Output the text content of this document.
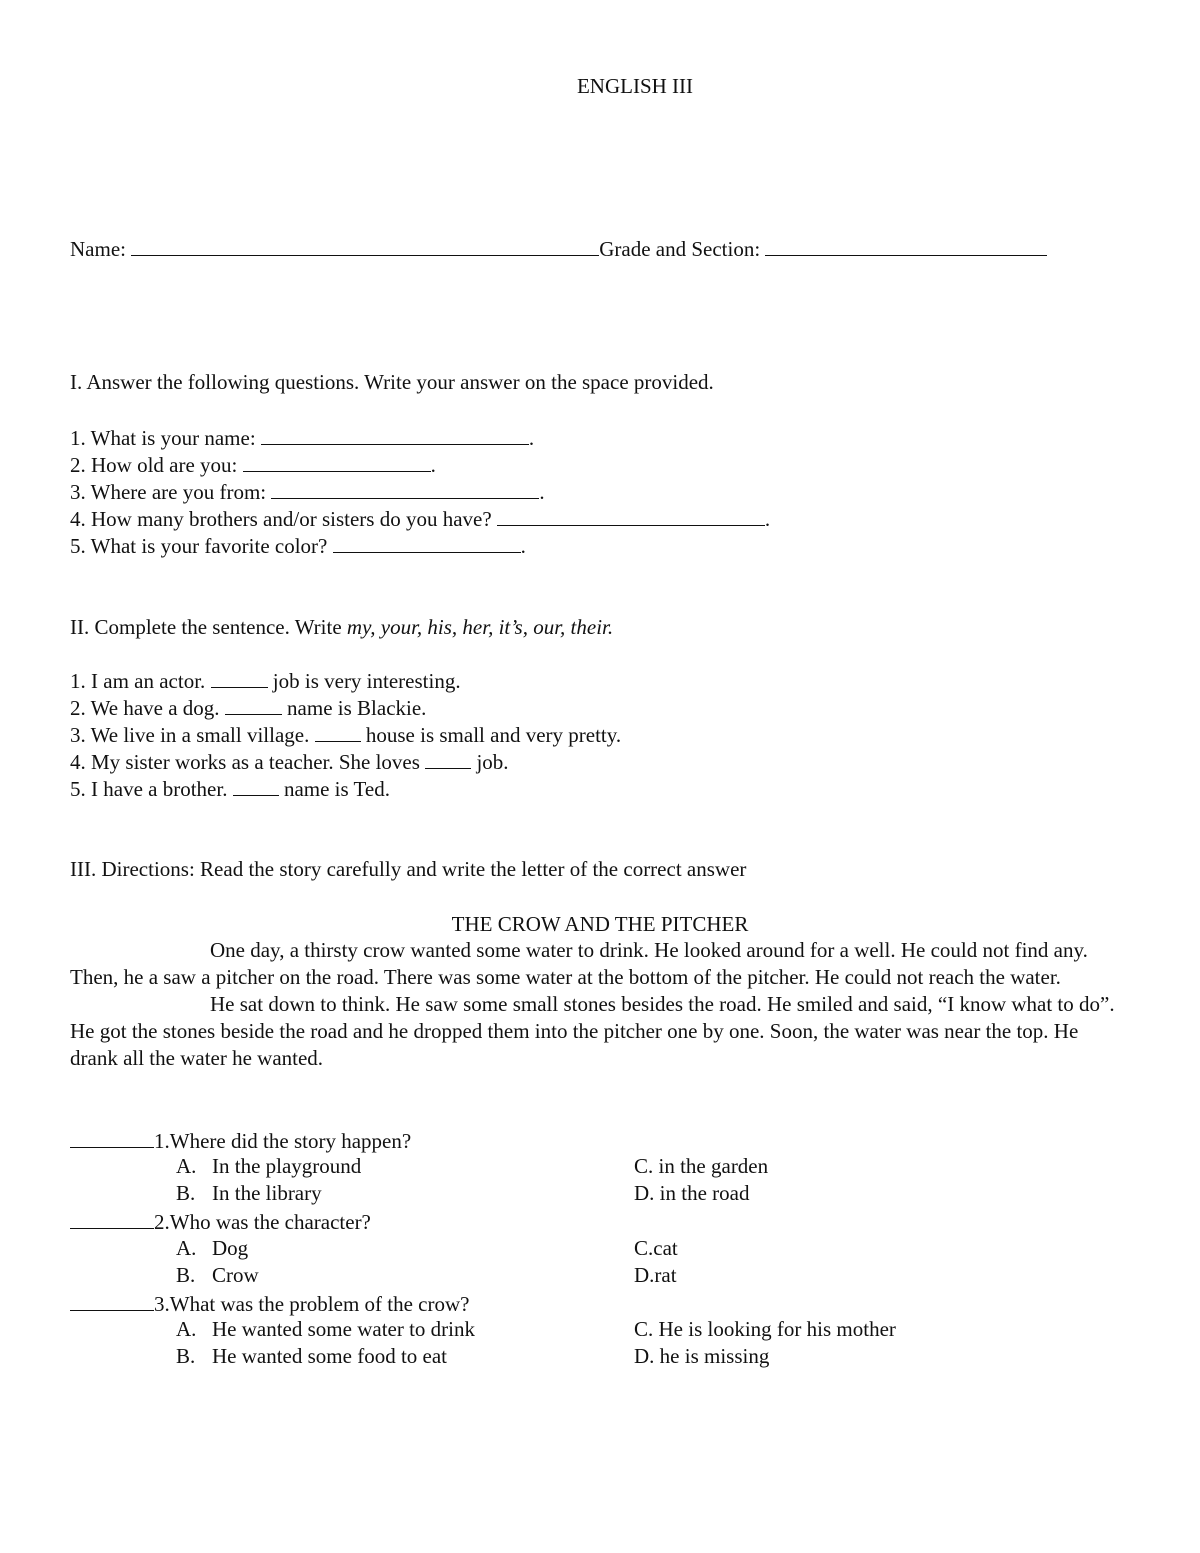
ENGLISH III
Name:	Grade and Section:
I. Answer the following questions. Write your answer on the space provided.
1. What is your name:	.
2. How old are you:	.
3. Where are you from:	.
4. How many brothers and/or sisters do you have?	.
5. What is your favorite color?	.
II. Complete the sentence. Write my, your, his, her, it’s, our, their.
1. I am an actor.	job is very interesting.
2. We have a dog.	name is Blackie.
3. We live in a small village.	house is small and very pretty.
4. My sister works as a teacher. She loves	job.
5. I have a brother.	name is Ted.
III. Directions: Read the story carefully and write the letter of the correct answer
THE CROW AND THE PITCHER

One day, a thirsty crow wanted some water to drink. He looked around for a well. He could not find any. Then, he a saw a pitcher on the road. There was some water at the bottom of the pitcher. He could not reach the water.

He sat down to think. He saw some small stones besides the road. He smiled and said, “I know what to do”. He got the stones beside the road and he dropped them into the pitcher one by one. Soon, the water was near the top. He drank all the water he wanted.

1.Where did the story happen?
A. In the playground
B. In the library
C. in the garden
D. in the road
2.Who was the character?
A. Dog
B. Crow
C.cat
D.rat
3.What was the problem of the crow?
A. He wanted some water to drink
B. He wanted some food to eat
C. He is looking for his mother
D. he is missing
